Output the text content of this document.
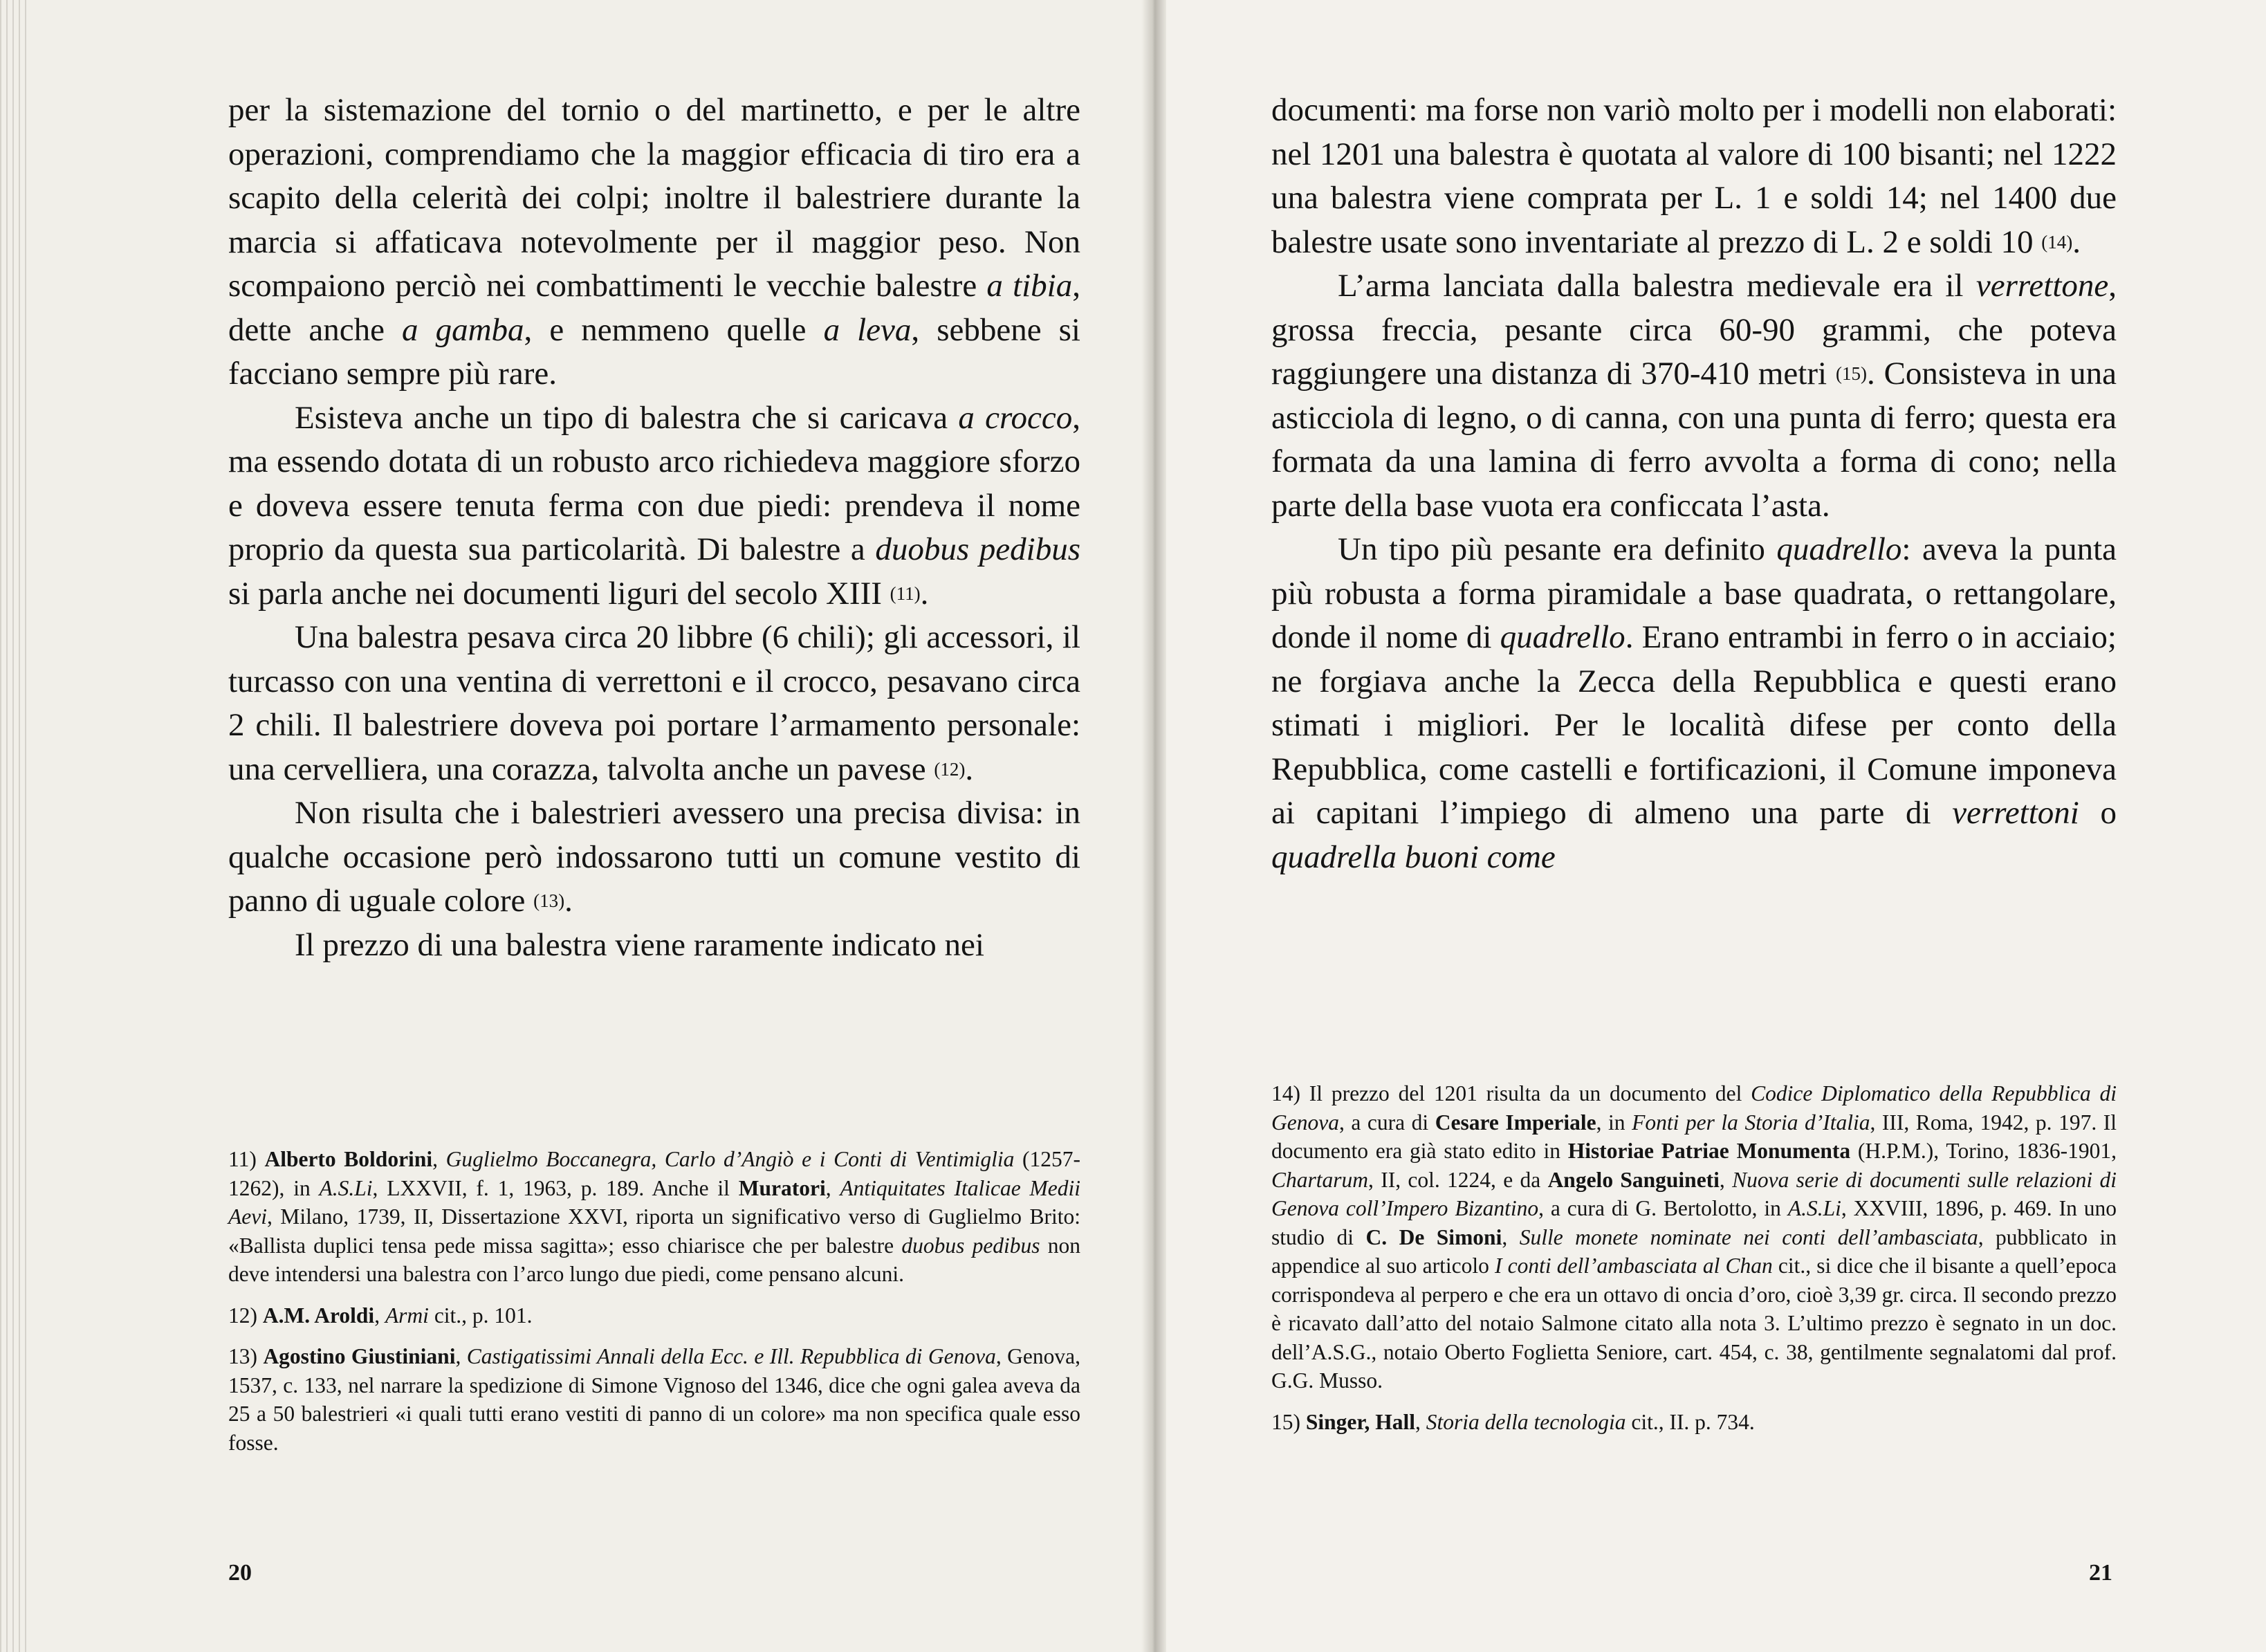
per la sistemazione del tornio o del martinetto, e per le altre operazioni, comprendiamo che la maggior efficacia di tiro era a scapito della celerità dei colpi; inoltre il balestriere durante la marcia si affaticava notevolmente per il maggior peso. Non scompaiono perciò nei combattimenti le vecchie balestre a tibia, dette anche a gamba, e nemmeno quelle a leva, sebbene si facciano sempre più rare.

Esisteva anche un tipo di balestra che si caricava a crocco, ma essendo dotata di un robusto arco richiedeva maggiore sforzo e doveva essere tenuta ferma con due piedi: prendeva il nome proprio da questa sua particolarità. Di balestre a duobus pedibus si parla anche nei documenti liguri del secolo XIII $^{(11)}$.

Una balestra pesava circa 20 libbre (6 chili); gli accessori, il turcasso con una ventina di verrettoni e il crocco, pesavano circa 2 chili. Il balestriere doveva poi portare l’armamento personale: una cervelliera, una corazza, talvolta anche un pavese $^{(12)}$.

Non risulta che i balestrieri avessero una precisa divisa: in qualche occasione però indossarono tutti un comune vestito di panno di uguale colore $^{(13)}$.

Il prezzo di una balestra viene raramente indicato nei

11) Alberto Boldorini, Guglielmo Boccanegra, Carlo d’Angiò e i Conti di Ventimiglia (1257-1262), in A.S.Li, LXXVII, f. 1, 1963, p. 189. Anche il Muratori, Antiquitates Italicae Medii Aevi, Milano, 1739, II, Dissertazione XXVI, riporta un significativo verso di Guglielmo Brito: «Ballista duplici tensa pede missa sagitta»; esso chiarisce che per balestre duobus pedibus non deve intendersi una balestra con l’arco lungo due piedi, come pensano alcuni.

12) A.M. Aroldi, Armi cit., p. 101.

13) Agostino Giustiniani, Castigatissimi Annali della Ecc. e Ill. Repubblica di Genova, Genova, 1537, c. 133, nel narrare la spedizione di Simone Vignoso del 1346, dice che ogni galea aveva da 25 a 50 balestrieri «i quali tutti erano vestiti di panno di un colore» ma non specifica quale esso fosse.

20

documenti: ma forse non variò molto per i modelli non elaborati: nel 1201 una balestra è quotata al valore di 100 bisanti; nel 1222 una balestra viene comprata per L. 1 e soldi 14; nel 1400 due balestre usate sono inventariate al prezzo di L. 2 e soldi 10 $^{(14)}$.

L’arma lanciata dalla balestra medievale era il verrettone, grossa freccia, pesante circa 60-90 grammi, che poteva raggiungere una distanza di 370-410 metri $^{(15)}$. Consisteva in una asticciola di legno, o di canna, con una punta di ferro; questa era formata da una lamina di ferro avvolta a forma di cono; nella parte della base vuota era conficcata l’asta.

Un tipo più pesante era definito quadrello: aveva la punta più robusta a forma piramidale a base quadrata, o rettangolare, donde il nome di quadrello. Erano entrambi in ferro o in acciaio; ne forgiava anche la Zecca della Repubblica e questi erano stimati i migliori. Per le località difese per conto della Repubblica, come castelli e fortificazioni, il Comune imponeva ai capitani l’impiego di almeno una parte di verrettoni o quadrella buoni come

14) Il prezzo del 1201 risulta da un documento del Codice Diplomatico della Repubblica di Genova, a cura di Cesare Imperiale, in Fonti per la Storia d’Italia, III, Roma, 1942, p. 197. Il documento era già stato edito in Historiae Patriae Monumenta (H.P.M.), Torino, 1836-1901, Chartarum, II, col. 1224, e da Angelo Sanguineti, Nuova serie di documenti sulle relazioni di Genova coll’Impero Bizantino, a cura di G. Bertolotto, in A.S.Li, XXVIII, 1896, p. 469. In uno studio di C. De Simoni, Sulle monete nominate nei conti dell’ambasciata, pubblicato in appendice al suo articolo I conti dell’ambasciata al Chan cit., si dice che il bisante a quell’epoca corrispondeva al perpero e che era un ottavo di oncia d’oro, cioè 3,39 gr. circa. Il secondo prezzo è ricavato dall’atto del notaio Salmone citato alla nota 3. L’ultimo prezzo è segnato in un doc. dell’A.S.G., notaio Oberto Foglietta Seniore, cart. 454, c. 38, gentilmente segnalatomi dal prof. G.G. Musso.

15) Singer, Hall, Storia della tecnologia cit., II. p. 734.

21
